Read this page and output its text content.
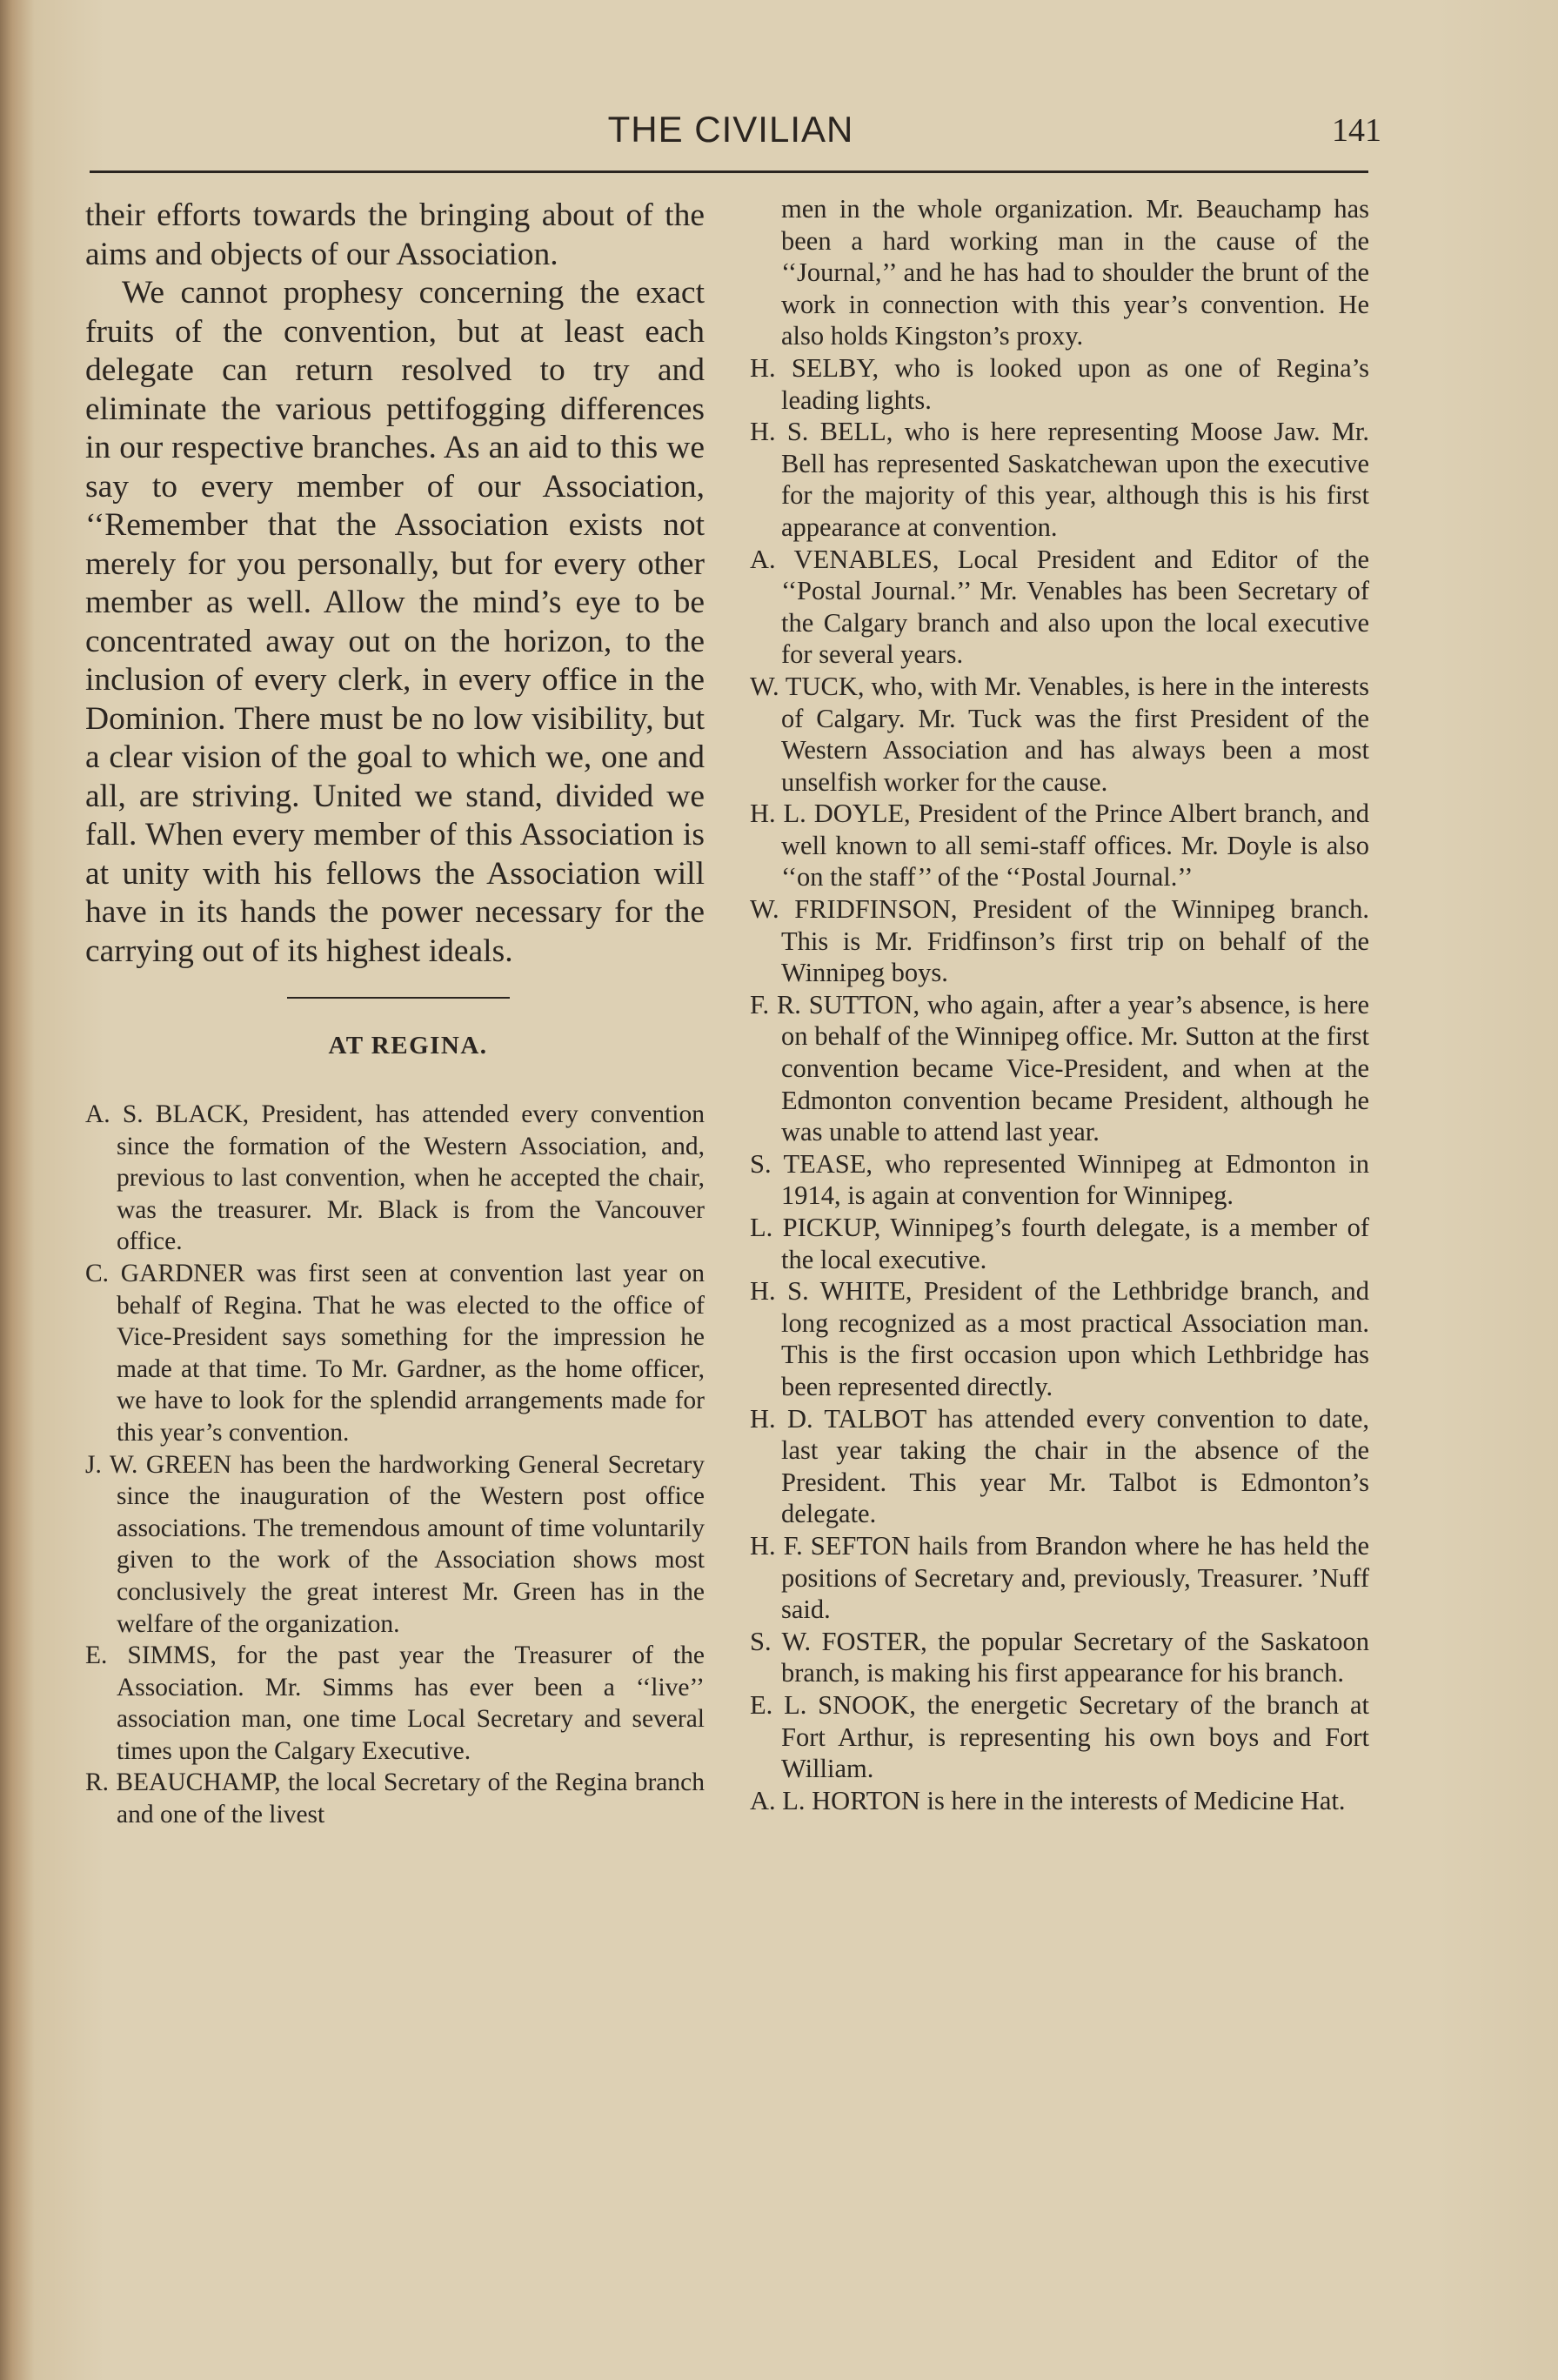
THE CIVILIAN	141

their efforts towards the bringing about of the aims and objects of our Association.

We cannot prophesy concerning the exact fruits of the convention, but at least each delegate can return resolved to try and eliminate the various pettifogging differences in our respective branches. As an aid to this we say to every member of our Association, ‘‘Remember that the Association exists not merely for you personally, but for every other member as well. Allow the mind’s eye to be concentrated away out on the horizon, to the inclusion of every clerk, in every office in the Dominion. There must be no low visibility, but a clear vision of the goal to which we, one and all, are striving. United we stand, divided we fall. When every member of this Association is at unity with his fellows the Association will have in its hands the power necessary for the carrying out of its highest ideals.

AT REGINA.

A. S. BLACK, President, has attended every convention since the formation of the Western Association, and, previous to last convention, when he accepted the chair, was the treasurer. Mr. Black is from the Vancouver office.

C. GARDNER was first seen at convention last year on behalf of Regina. That he was elected to the office of Vice-President says something for the impression he made at that time. To Mr. Gardner, as the home officer, we have to look for the splendid arrangements made for this year’s convention.

J. W. GREEN has been the hardworking General Secretary since the inauguration of the Western post office associations. The tremendous amount of time voluntarily given to the work of the Association shows most conclusively the great interest Mr. Green has in the welfare of the organization.

E. SIMMS, for the past year the Treasurer of the Association. Mr. Simms has ever been a ‘‘live’’ association man, one time Local Secretary and several times upon the Calgary Executive.

R. BEAUCHAMP, the local Secretary of the Regina branch and one of the livest

men in the whole organization. Mr. Beauchamp has been a hard working man in the cause of the ‘‘Journal,’’ and he has had to shoulder the brunt of the work in connection with this year’s convention. He also holds Kingston’s proxy.

H. SELBY, who is looked upon as one of Regina’s leading lights.

H. S. BELL, who is here representing Moose Jaw. Mr. Bell has represented Saskatchewan upon the executive for the majority of this year, although this is his first appearance at convention.

A. VENABLES, Local President and Editor of the ‘‘Postal Journal.’’ Mr. Venables has been Secretary of the Calgary branch and also upon the local executive for several years.

W. TUCK, who, with Mr. Venables, is here in the interests of Calgary. Mr. Tuck was the first President of the Western Association and has always been a most unselfish worker for the cause.

H. L. DOYLE, President of the Prince Albert branch, and well known to all semi-staff offices. Mr. Doyle is also ‘‘on the staff’’ of the ‘‘Postal Journal.’’

W. FRIDFINSON, President of the Winnipeg branch. This is Mr. Fridfinson’s first trip on behalf of the Winnipeg boys.

F. R. SUTTON, who again, after a year’s absence, is here on behalf of the Winnipeg office. Mr. Sutton at the first convention became Vice-President, and when at the Edmonton convention became President, although he was unable to attend last year.

S. TEASE, who represented Winnipeg at Edmonton in 1914, is again at convention for Winnipeg.

L. PICKUP, Winnipeg’s fourth delegate, is a member of the local executive.

H. S. WHITE, President of the Lethbridge branch, and long recognized as a most practical Association man. This is the first occasion upon which Lethbridge has been represented directly.

H. D. TALBOT has attended every convention to date, last year taking the chair in the absence of the President. This year Mr. Talbot is Edmonton’s delegate.

H. F. SEFTON hails from Brandon where he has held the positions of Secretary and, previously, Treasurer. ’Nuff said.

S. W. FOSTER, the popular Secretary of the Saskatoon branch, is making his first appearance for his branch.

E. L. SNOOK, the energetic Secretary of the branch at Fort Arthur, is representing his own boys and Fort William.

A. L. HORTON is here in the interests of Medicine Hat.
